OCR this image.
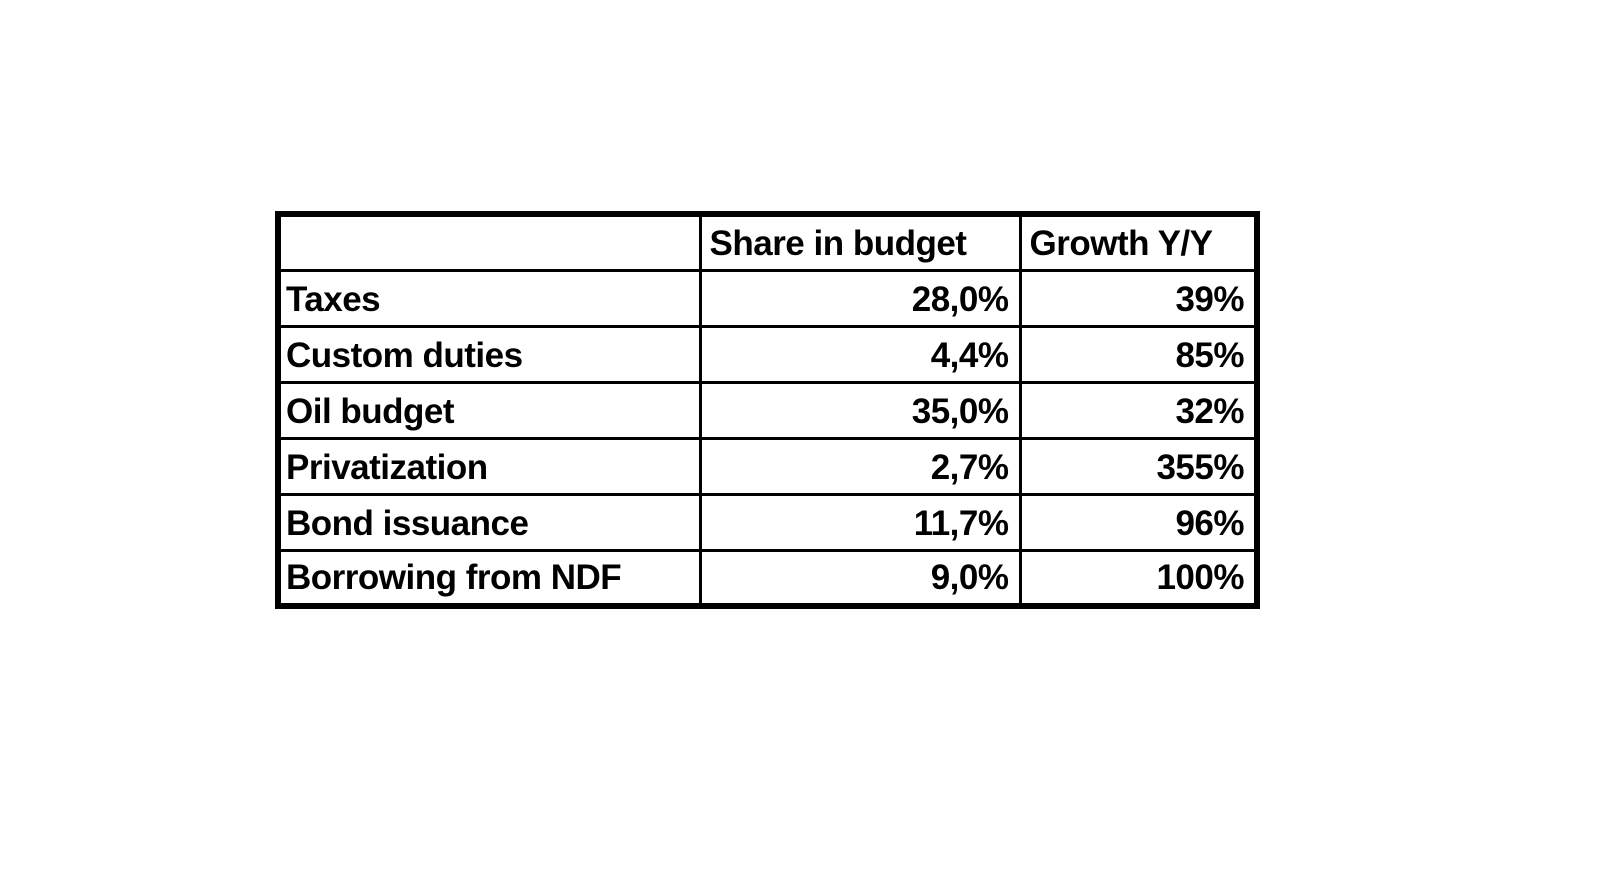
	Share in budget	Growth Y/Y
Taxes	28,0%	39%
Custom duties	4,4%	85%
Oil budget	35,0%	32%
Privatization	2,7%	355%
Bond issuance	11,7%	96%
Borrowing from NDF	9,0%	100%
